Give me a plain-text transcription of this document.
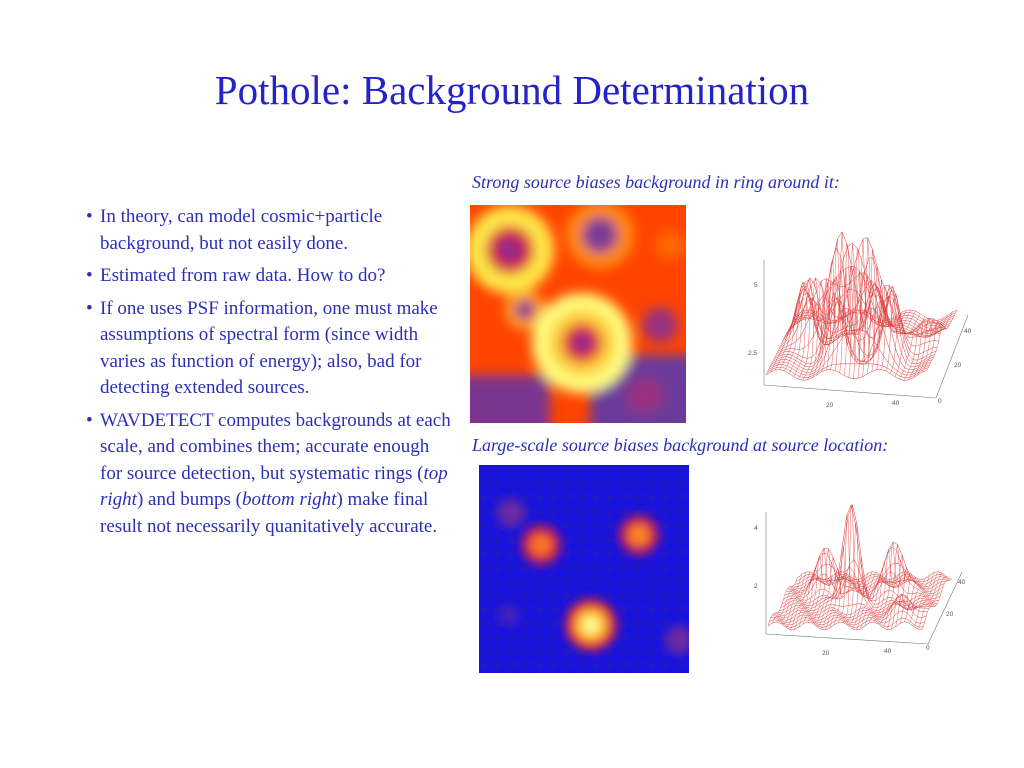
Pothole: Background Determination
• In theory, can model cosmic+particle background, but not easily done.
• Estimated from raw data. How to do?
• If one uses PSF information, one must make assumptions of spectral form (since width varies as function of energy); also, bad for detecting extended sources.
• WAVDETECT computes backgrounds at each scale, and combines them; accurate enough for source detection, but systematic rings (top right) and bumps (bottom right) make final result not necessarily quanitatively accurate.
Strong source biases background in ring around it:
Large-scale source biases background at source location:
5
2.5
20	40	0
20
40
4
2
20	40	0
20
40
